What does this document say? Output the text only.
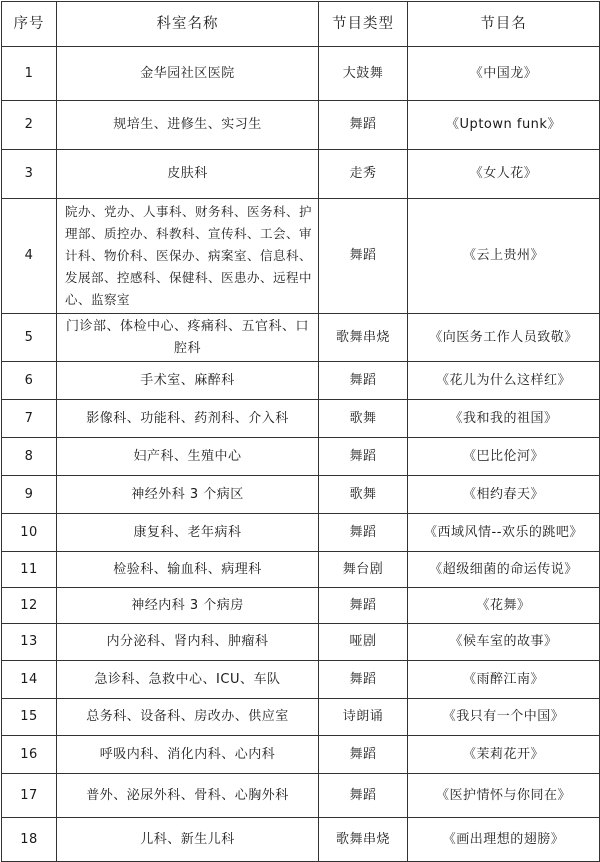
序号	科室名称	节目类型	节目名
1	金华园社区医院	大鼓舞	《中国龙》
2	规培生、进修生、实习生	舞蹈	《Uptown funk》
3	皮肤科	走秀	《女人花》
4	院办、党办、人事科、财务科、医务科、护理部、质控办、科教科、宣传科、工会、审计科、物价科、医保办、病案室、信息科、发展部、控感科、保健科、医患办、远程中心、监察室	舞蹈	《云上贵州》
5	门诊部、体检中心、疼痛科、五官科、口腔科	歌舞串烧	《向医务工作人员致敬》
6	手术室、麻醉科	舞蹈	《花儿为什么这样红》
7	影像科、功能科、药剂科、介入科	歌舞	《我和我的祖国》
8	妇产科、生殖中心	舞蹈	《巴比伦河》
9	神经外科 3 个病区	歌舞	《相约春天》
10	康复科、老年病科	舞蹈	《西域风情--欢乐的跳吧》
11	检验科、输血科、病理科	舞台剧	《超级细菌的命运传说》
12	神经内科 3 个病房	舞蹈	《花舞》
13	内分泌科、肾内科、肿瘤科	哑剧	《候车室的故事》
14	急诊科、急救中心、ICU、车队	舞蹈	《雨醉江南》
15	总务科、设备科、房改办、供应室	诗朗诵	《我只有一个中国》
16	呼吸内科、消化内科、心内科	舞蹈	《茉莉花开》
17	普外、泌尿外科、骨科、心胸外科	舞蹈	《医护情怀与你同在》
18	儿科、新生儿科	歌舞串烧	《画出理想的翅膀》
